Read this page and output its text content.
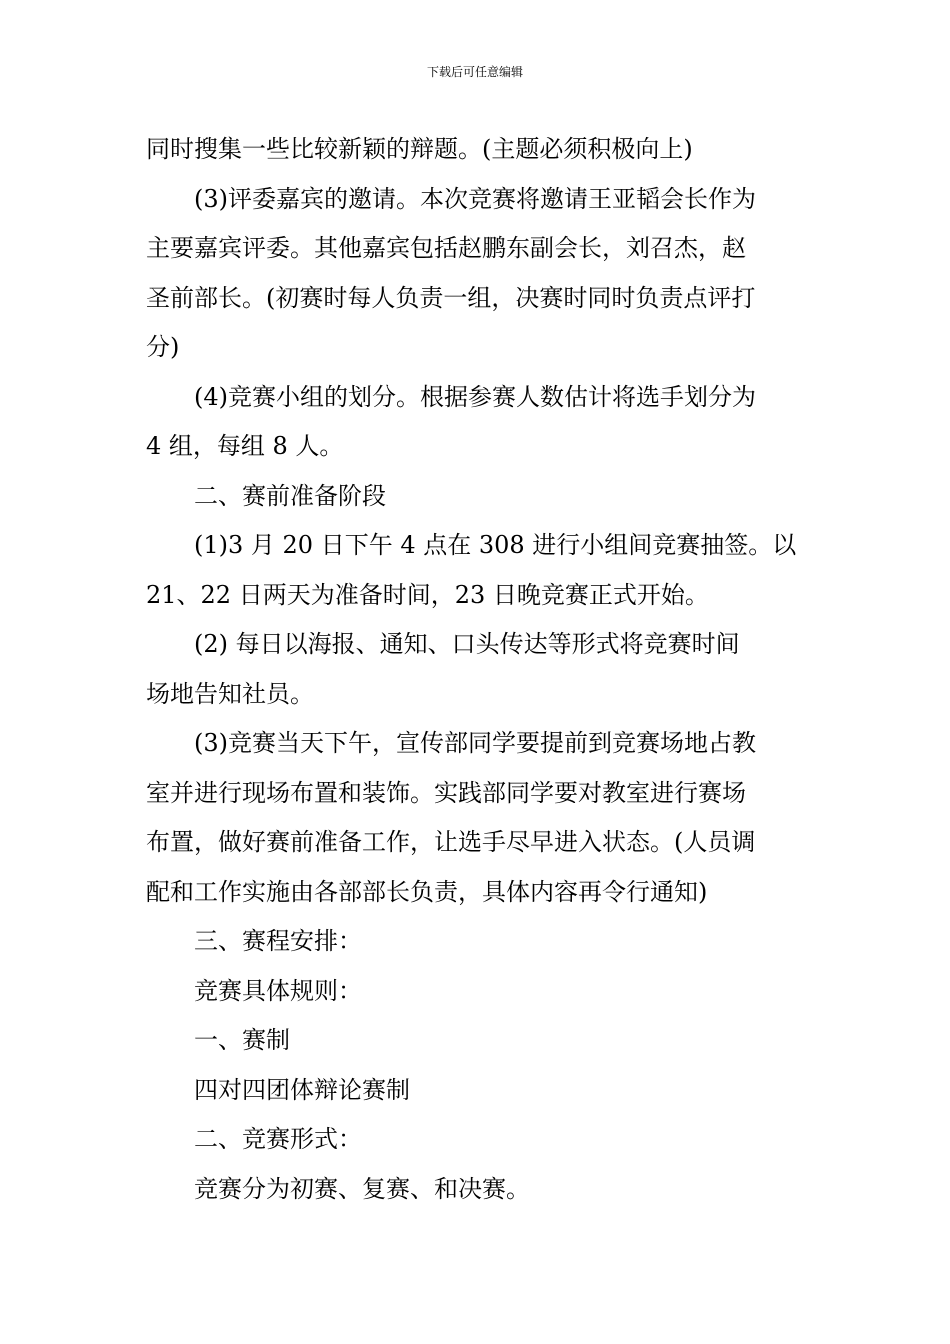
下载后可任意编辑

同时搜集一些比较新颖的辩题。(主题必须积极向上)

(3)评委嘉宾的邀请。本次竞赛将邀请王亚韬会长作为

主要嘉宾评委。其他嘉宾包括赵鹏东副会长，刘召杰，赵

圣前部长。(初赛时每人负责一组，决赛时同时负责点评打

分)

(4)竞赛小组的划分。根据参赛人数估计将选手划分为

4 组，每组 8 人。

二、赛前准备阶段

(1)3 月 20 日下午 4 点在 308 进行小组间竞赛抽签。以

21、22 日两天为准备时间，23 日晚竞赛正式开始。

(2) 每日以海报、通知、口头传达等形式将竞赛时间

场地告知社员。

(3)竞赛当天下午，宣传部同学要提前到竞赛场地占教

室并进行现场布置和装饰。实践部同学要对教室进行赛场

布置，做好赛前准备工作，让选手尽早进入状态。(人员调

配和工作实施由各部部长负责，具体内容再令行通知)

三、赛程安排：

竞赛具体规则：

一、赛制

四对四团体辩论赛制

二、竞赛形式：

竞赛分为初赛、复赛、和决赛。
